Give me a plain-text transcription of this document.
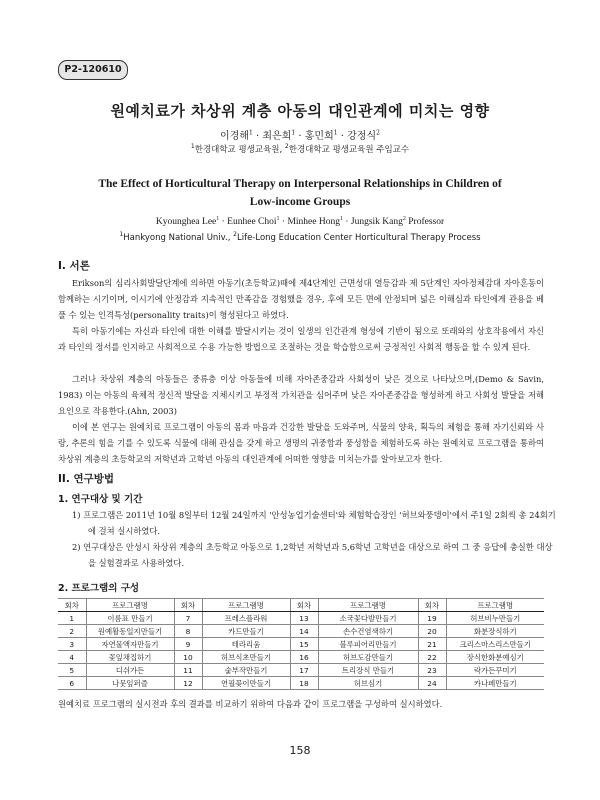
P2-120610
원예치료가 차상위 계층 아동의 대인관계에 미치는 영향
이경해$^1$ · 최은희$^1$ · 홍민희$^1$ · 강정식$^2$
$^1$한경대학교 평생교육원, $^2$한경대학교 평생교육원 주임교수
The Effect of Horticultural Therapy on Interpersonal Relationships in Children of
Low-income Groups
Kyounghea Lee$^1$ · Eunhee Choi$^1$ · Minhee Hong$^1$ · Jungsik Kang$^2$ Professor
$^1$Hankyong National Univ., $^2$Life-Long Education Center Horticultural Therapy Process
I. 서론

Erikson의 심리사회발달단계에 의하면 아동기(초등학교)때에 제4단계인 근면성대 열등감과 제 5단계인 자아정체감대 자아혼동이 함께하는 시기이며, 이시기에 안정감과 지속적인 만족감을 경험했을 경우, 후에 모든 면에 안정되며 넓은 이해심과 타인에게 관용을 베풀 수 있는 인격특성(personality traits)이 형성된다고 하였다.

특히 아동기에는 자신과 타인에 대한 이해를 발달시키는 것이 일생의 인간관계 형성에 기반이 됨으로 또래와의 상호작용에서 자신과 타인의 정서를 인지하고 사회적으로 수용 가능한 방법으로 조절하는 것을 학습함으로써 긍정적인 사회적 행동을 할 수 있게 된다.

그러나 차상위 계층의 아동들은 중류층 이상 아동들에 비해 자아존중감과 사회성이 낮은 것으로 나타났으며,(Demo & Savin, 1983) 이는 아동의 육체적 정신적 발달을 지체시키고 부정적 가치관을 심어주며 낮은 자아존중감을 형성하게 하고 사회성 발달을 저해요인으로 작용한다.(Ahn, 2003)

이에 본 연구는 원예치료 프로그램이 아동의 몸과 마음과 건강한 발달을 도와주며, 식물의 양육, 획득의 체험을 통해 자기신뢰와 사랑, 추론의 힘을 기를 수 있도록 식물에 대해 관심을 갖게 하고 생명의 귀중함과 풍성함을 체험하도록 하는 원예치료 프로그램을 통하여 차상위 계층의 초등학교의 저학년과 고학년 아동의 대인관계에 어떠한 영향을 미치는가를 알아보고자 한다.

II. 연구방법
1. 연구대상 및 기간

1) 프로그램은 2011년 10월 8일부터 12월 24일까지 '안성농업기술센터'와 체험학습장인 '허브와풍뎅이'에서 주1일 2회씩 총 24회기에 걸쳐 실시하였다.

2) 연구대상은 안성시 차상위 계층의 초등학교 아동으로 1,2학년 저학년과 5,6학년 고학년을 대상으로 하여 그 중 응답에 충실한 대상을 실험결과로 사용하였다.

2. 프로그램의 구성
회차	프로그램명	회차	프로그램명	회차	프로그램명	회차	프로그램명
1	이름표 만들기	7	프레스플라워	13	소국꽃다발만들기	19	허브비누만들기
2	원예활동일지만들기	8	카드만들기	14	손수건염색하기	20	화분장식하기
3	자연물액자만들기	9	테라리움	15	블루피어리만들기	21	크리스마스리스만들기
4	꽃잎채집하기	10	허브식초만들기	16	허브도감만들기	22	장식한화분예심기
5	디쉬가든	11	숯부작만들기	17	트리장식 만들기	23	락가든꾸미기
6	나뭇잎퍼즐	12	연필꽂이만들기	18	허브심기	24	카나페만들기

원예치료 프로그램의 실시전과 후의 결과를 비교하기 위하여 다음과 같이 프로그램을 구성하여 실시하였다.

158
